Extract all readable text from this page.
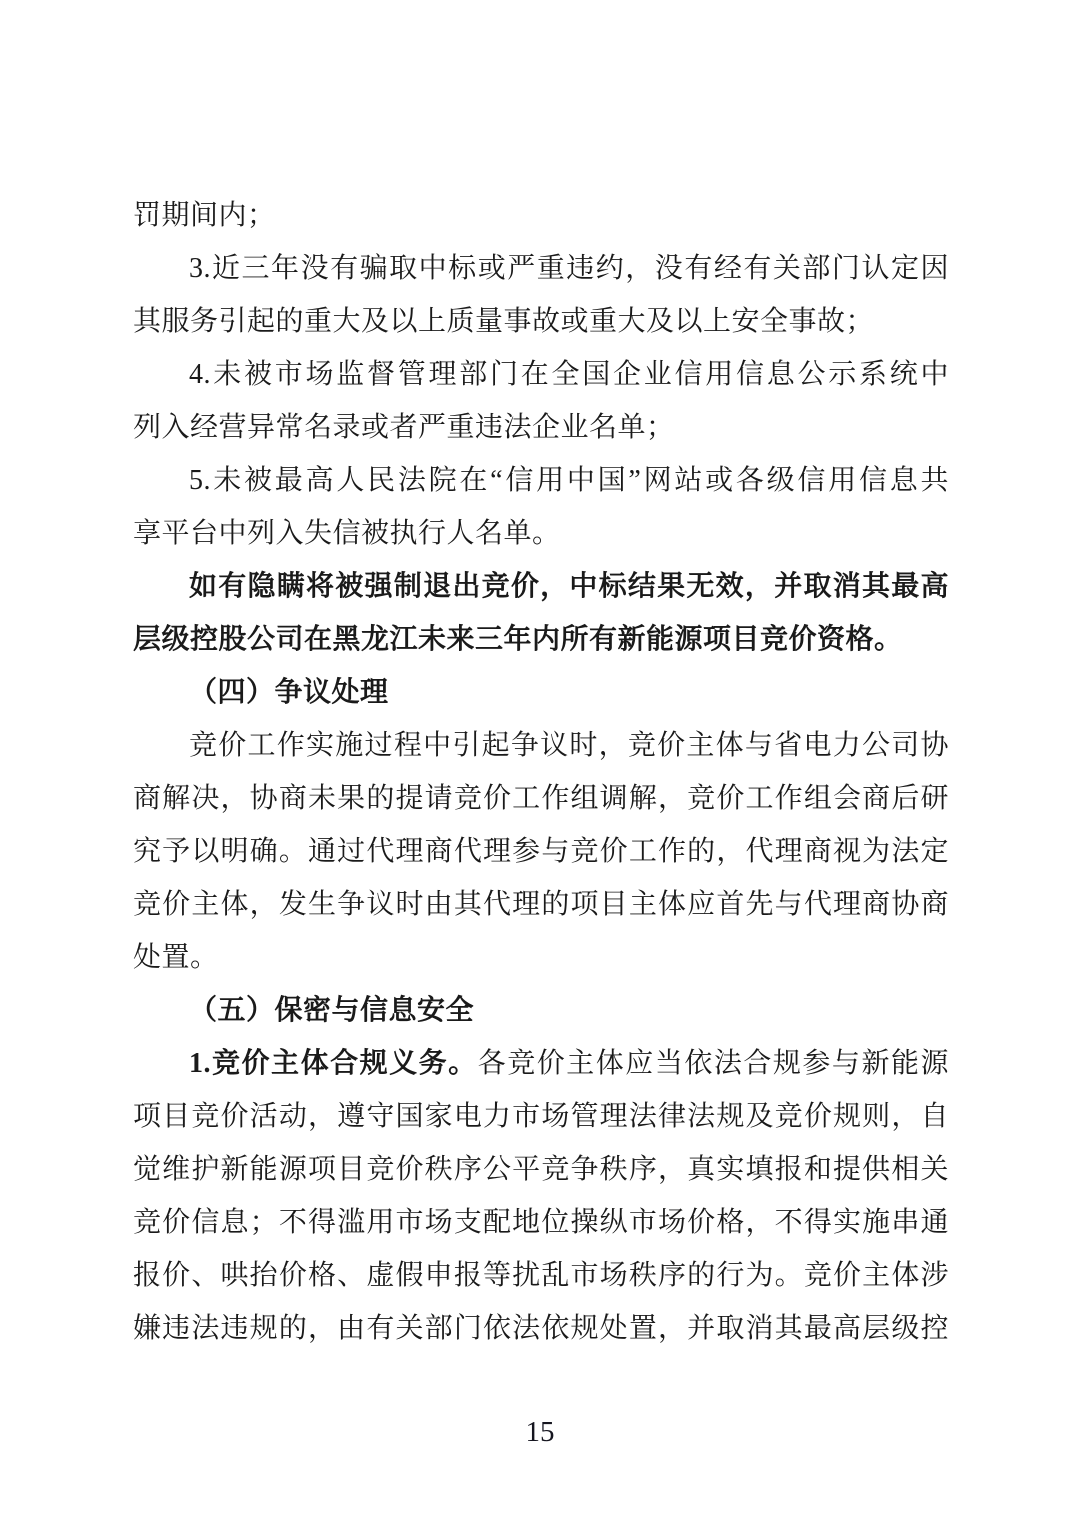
罚期间内；
3.近三年没有骗取中标或严重违约，没有经有关部门认定因
其服务引起的重大及以上质量事故或重大及以上安全事故；
4.未被市场监督管理部门在全国企业信用信息公示系统中
列入经营异常名录或者严重违法企业名单；
5.未被最高人民法院在“信用中国”网站或各级信用信息共
享平台中列入失信被执行人名单。
如有隐瞒将被强制退出竞价，中标结果无效，并取消其最高
层级控股公司在黑龙江未来三年内所有新能源项目竞价资格。
（四）争议处理
竞价工作实施过程中引起争议时，竞价主体与省电力公司协
商解决，协商未果的提请竞价工作组调解，竞价工作组会商后研
究予以明确。通过代理商代理参与竞价工作的，代理商视为法定
竞价主体，发生争议时由其代理的项目主体应首先与代理商协商
处置。
（五）保密与信息安全
1.竞价主体合规义务。各竞价主体应当依法合规参与新能源
项目竞价活动，遵守国家电力市场管理法律法规及竞价规则，自
觉维护新能源项目竞价秩序公平竞争秩序，真实填报和提供相关
竞价信息；不得滥用市场支配地位操纵市场价格，不得实施串通
报价、哄抬价格、虚假申报等扰乱市场秩序的行为。竞价主体涉
嫌违法违规的，由有关部门依法依规处置，并取消其最高层级控
15
